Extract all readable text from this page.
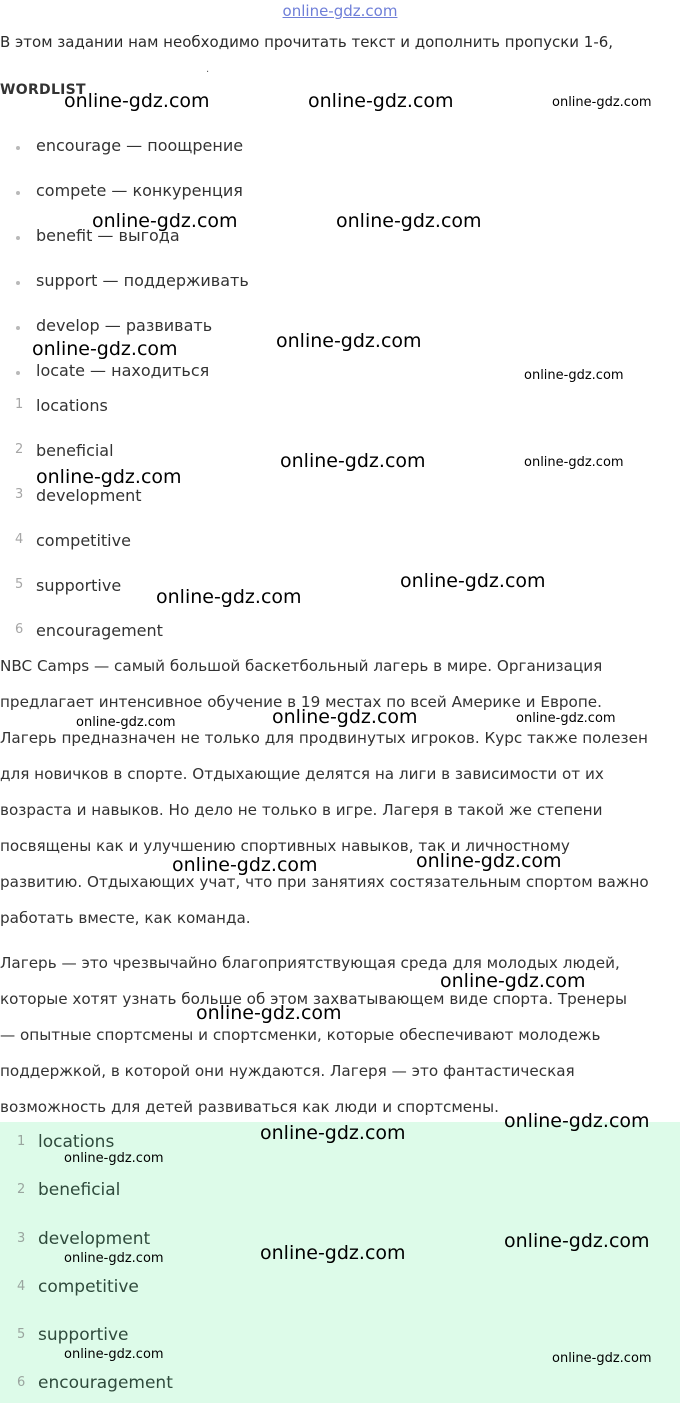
online-gdz.com
В этом задании нам необходимо прочитать текст и дополнить пропуски 1-6,
.
WORDLIST
encourage — поощрение
compete — конкуренция
benefit — выгода
support — поддерживать
develop — развивать
locate — находиться
1 locations
2 beneficial
3 development
4 competitive
5 supportive
6 encouragement

NBC Camps — самый большой баскетбольный лагерь в мире. Организация

предлагает интенсивное обучение в 19 местах по всей Америке и Европе.

Лагерь предназначен не только для продвинутых игроков. Курс также полезен

для новичков в спорте. Отдыхающие делятся на лиги в зависимости от их

возраста и навыков. Но дело не только в игре. Лагеря в такой же степени

посвящены как и улучшению спортивных навыков, так и личностному

развитию. Отдыхающих учат, что при занятиях состязательным спортом важно

работать вместе, как команда.

Лагерь — это чрезвычайно благоприятствующая среда для молодых людей,

которые хотят узнать больше об этом захватывающем виде спорта. Тренеры

— опытные спортсмены и спортсменки, которые обеспечивают молодежь

поддержкой, в которой они нуждаются. Лагеря — это фантастическая

возможность для детей развиваться как люди и спортсмены.

1 locations
2 beneficial
3 development
4 competitive
5 supportive
6 encouragement
online-gdz.com	online-gdz.com	online-gdz.com
online-gdz.com	online-gdz.com
online-gdz.com	online-gdz.com
online-gdz.com
online-gdz.com
online-gdz.com	online-gdz.com
online-gdz.com
online-gdz.com
online-gdz.com	online-gdz.com	online-gdz.com
online-gdz.com	online-gdz.com
online-gdz.com
online-gdz.com
online-gdz.com
online-gdz.com
online-gdz.com
online-gdz.com
online-gdz.com
online-gdz.com
online-gdz.com	online-gdz.com
